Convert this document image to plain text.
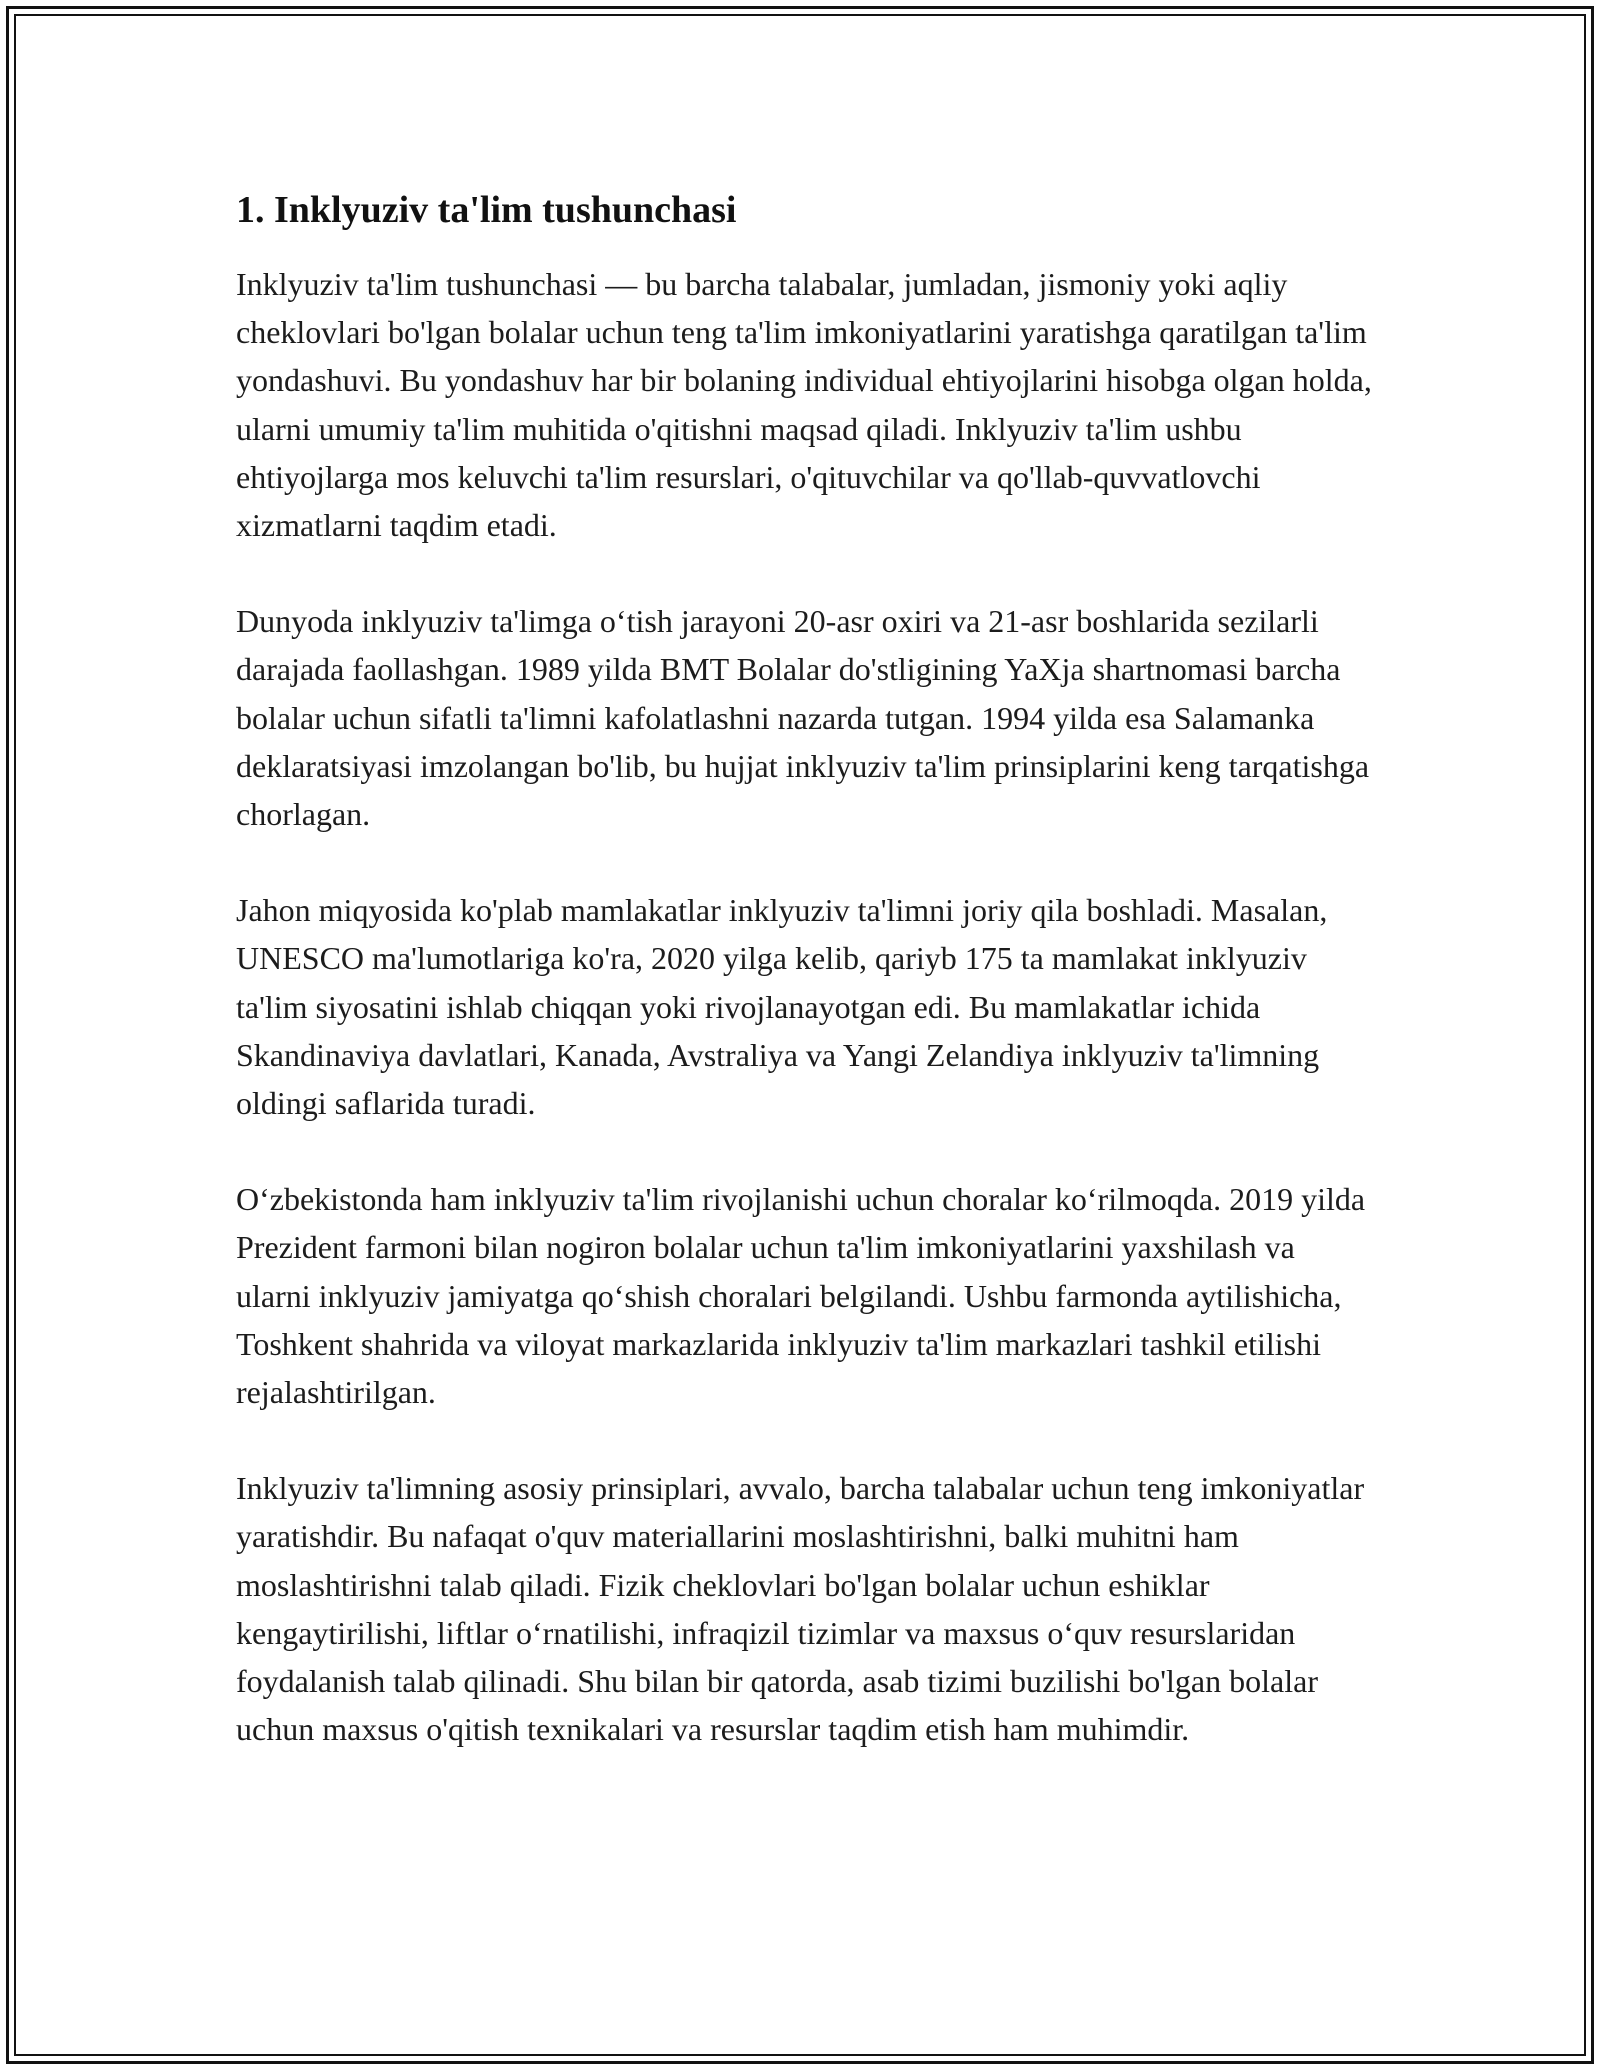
1. Inklyuziv ta'lim tushunchasi

Inklyuziv ta'lim tushunchasi — bu barcha talabalar, jumladan, jismoniy yoki aqliy cheklovlari bo'lgan bolalar uchun teng ta'lim imkoniyatlarini yaratishga qaratilgan ta'lim yondashuvi. Bu yondashuv har bir bolaning individual ehtiyojlarini hisobga olgan holda, ularni umumiy ta'lim muhitida o'qitishni maqsad qiladi. Inklyuziv ta'lim ushbu ehtiyojlarga mos keluvchi ta'lim resurslari, o'qituvchilar va qo'llab-quvvatlovchi xizmatlarni taqdim etadi.

Dunyoda inklyuziv ta'limga o‘tish jarayoni 20-asr oxiri va 21-asr boshlarida sezilarli darajada faollashgan. 1989 yilda BMT Bolalar do'stligining YaXja shartnomasi barcha bolalar uchun sifatli ta'limni kafolatlashni nazarda tutgan. 1994 yilda esa Salamanka deklaratsiyasi imzolangan bo'lib, bu hujjat inklyuziv ta'lim prinsiplarini keng tarqatishga chorlagan.

Jahon miqyosida ko'plab mamlakatlar inklyuziv ta'limni joriy qila boshladi. Masalan, UNESCO ma'lumotlariga ko'ra, 2020 yilga kelib, qariyb 175 ta mamlakat inklyuziv ta'lim siyosatini ishlab chiqqan yoki rivojlanayotgan edi. Bu mamlakatlar ichida Skandinaviya davlatlari, Kanada, Avstraliya va Yangi Zelandiya inklyuziv ta'limning oldingi saflarida turadi.

O‘zbekistonda ham inklyuziv ta'lim rivojlanishi uchun choralar ko‘rilmoqda. 2019 yilda Prezident farmoni bilan nogiron bolalar uchun ta'lim imkoniyatlarini yaxshilash va ularni inklyuziv jamiyatga qo‘shish choralari belgilandi. Ushbu farmonda aytilishicha, Toshkent shahrida va viloyat markazlarida inklyuziv ta'lim markazlari tashkil etilishi rejalashtirilgan.

Inklyuziv ta'limning asosiy prinsiplari, avvalo, barcha talabalar uchun teng imkoniyatlar yaratishdir. Bu nafaqat o'quv materiallarini moslashtirishni, balki muhitni ham moslashtirishni talab qiladi. Fizik cheklovlari bo'lgan bolalar uchun eshiklar kengaytirilishi, liftlar o‘rnatilishi, infraqizil tizimlar va maxsus o‘quv resurslaridan foydalanish talab qilinadi. Shu bilan bir qatorda, asab tizimi buzilishi bo'lgan bolalar uchun maxsus o'qitish texnikalari va resurslar taqdim etish ham muhimdir.
